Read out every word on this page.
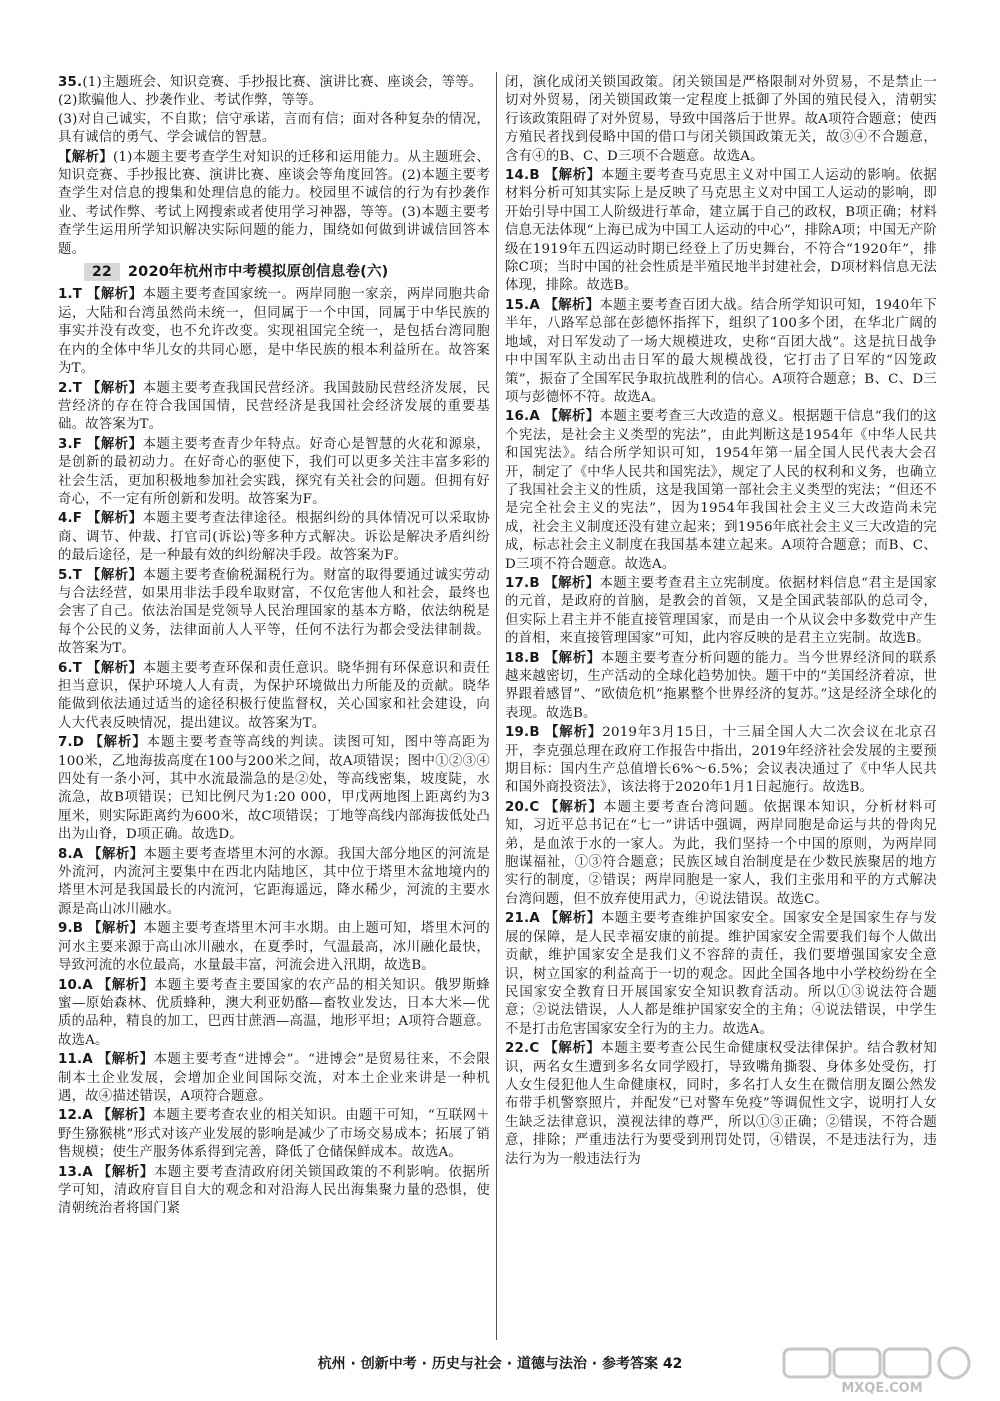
35.(1)主题班会、知识竞赛、手抄报比赛、演讲比赛、座谈会，等等。
(2)欺骗他人、抄袭作业、考试作弊，等等。
(3)对自己诚实，不自欺；信守承诺，言而有信；面对各种复杂的情况，具有诚信的勇气、学会诚信的智慧。
【解析】(1)本题主要考查学生对知识的迁移和运用能力。从主题班会、知识竞赛、手抄报比赛、演讲比赛、座谈会等角度回答。(2)本题主要考查学生对信息的搜集和处理信息的能力。校园里不诚信的行为有抄袭作业、考试作弊、考试上网搜索或者使用学习神器，等等。(3)本题主要考查学生运用所学知识解决实际问题的能力，围绕如何做到讲诚信回答本题。
22	2020年杭州市中考模拟原创信息卷(六)
1.T 【解析】本题主要考查国家统一。两岸同胞一家亲，两岸同胞共命运，大陆和台湾虽然尚未统一，但同属于一个中国，同属于中华民族的事实并没有改变，也不允许改变。实现祖国完全统一，是包括台湾同胞在内的全体中华儿女的共同心愿，是中华民族的根本利益所在。故答案为T。
2.T 【解析】本题主要考查我国民营经济。我国鼓励民营经济发展，民营经济的存在符合我国国情，民营经济是我国社会经济发展的重要基础。故答案为T。
3.F 【解析】本题主要考查青少年特点。好奇心是智慧的火花和源泉，是创新的最初动力。在好奇心的驱使下，我们可以更多关注丰富多彩的社会生活，更加积极地参加社会实践，探究有关社会的问题。但拥有好奇心，不一定有所创新和发明。故答案为F。
4.F 【解析】本题主要考查法律途径。根据纠纷的具体情况可以采取协商、调节、仲裁、打官司(诉讼)等多种方式解决。诉讼是解决矛盾纠纷的最后途径，是一种最有效的纠纷解决手段。故答案为F。
5.T 【解析】本题主要考查偷税漏税行为。财富的取得要通过诚实劳动与合法经营，如果用非法手段牟取财富，不仅危害他人和社会，最终也会害了自己。依法治国是党领导人民治理国家的基本方略，依法纳税是每个公民的义务，法律面前人人平等，任何不法行为都会受法律制裁。故答案为T。
6.T 【解析】本题主要考查环保和责任意识。晓华拥有环保意识和责任担当意识，保护环境人人有责，为保护环境做出力所能及的贡献。晓华能做到依法通过适当的途径积极行使监督权，关心国家和社会建设，向人大代表反映情况，提出建议。故答案为T。
7.D 【解析】本题主要考查等高线的判读。读图可知，图中等高距为100米，乙地海拔高度在100与200米之间，故A项错误；图中①②③④四处有一条小河，其中水流最湍急的是②处，等高线密集，坡度陡，水流急，故B项错误；已知比例尺为1:20 000，甲戊两地图上距离约为3厘米，则实际距离约为600米，故C项错误；丁地等高线内部海拔低处凸出为山脊，D项正确。故选D。
8.A 【解析】本题主要考查塔里木河的水源。我国大部分地区的河流是外流河，内流河主要集中在西北内陆地区，其中位于塔里木盆地境内的塔里木河是我国最长的内流河，它距海遥远，降水稀少，河流的主要水源是高山冰川融水。
9.B 【解析】本题主要考查塔里木河丰水期。由上题可知，塔里木河的河水主要来源于高山冰川融水，在夏季时，气温最高，冰川融化最快，导致河流的水位最高，水量最丰富，河流会进入汛期，故选B。
10.A 【解析】本题主要考查主要国家的农产品的相关知识。俄罗斯蜂蜜—原始森林、优质蜂种，澳大利亚奶酪—畜牧业发达，日本大米—优质的品种，精良的加工，巴西甘蔗酒—高温，地形平坦；A项符合题意。故选A。
11.A 【解析】本题主要考查“进博会”。“进博会”是贸易往来，不会限制本土企业发展，会增加企业间国际交流，对本土企业来讲是一种机遇，故④描述错误，A项符合题意。
12.A 【解析】本题主要考查农业的相关知识。由题干可知，“互联网＋野生猕猴桃”形式对该产业发展的影响是减少了市场交易成本；拓展了销售规模；使生产服务体系得到完善，降低了仓储保鲜成本。故选A。
13.A 【解析】本题主要考查清政府闭关锁国政策的不利影响。依据所学可知，清政府盲目自大的观念和对沿海人民出海集聚力量的恐惧，使清朝统治者将国门紧
闭，演化成闭关锁国政策。闭关锁国是严格限制对外贸易，不是禁止一切对外贸易，闭关锁国政策一定程度上抵御了外国的殖民侵入，清朝实行该政策阻碍了对外贸易，导致中国落后于世界。故A项符合题意；使西方殖民者找到侵略中国的借口与闭关锁国政策无关，故③④不合题意，含有④的B、C、D三项不合题意。故选A。
14.B 【解析】本题主要考查马克思主义对中国工人运动的影响。依据材料分析可知其实际上是反映了马克思主义对中国工人运动的影响，即开始引导中国工人阶级进行革命，建立属于自己的政权，B项正确；材料信息无法体现“上海已成为中国工人运动的中心”，排除A项；中国无产阶级在1919年五四运动时期已经登上了历史舞台，不符合“1920年”，排除C项；当时中国的社会性质是半殖民地半封建社会，D项材料信息无法体现，排除。故选B。
15.A 【解析】本题主要考查百团大战。结合所学知识可知，1940年下半年，八路军总部在彭德怀指挥下，组织了100多个团，在华北广阔的地域，对日军发动了一场大规模进攻，史称“百团大战”。这是抗日战争中中国军队主动出击日军的最大规模战役，它打击了日军的“囚笼政策”，振奋了全国军民争取抗战胜利的信心。A项符合题意；B、C、D三项与彭德怀不符。故选A。
16.A 【解析】本题主要考查三大改造的意义。根据题干信息“我们的这个宪法，是社会主义类型的宪法”，由此判断这是1954年《中华人民共和国宪法》。结合所学知识可知，1954年第一届全国人民代表大会召开，制定了《中华人民共和国宪法》，规定了人民的权利和义务，也确立了我国社会主义的性质，这是我国第一部社会主义类型的宪法；“但还不是完全社会主义的宪法”，因为1954年我国社会主义三大改造尚未完成，社会主义制度还没有建立起来；到1956年底社会主义三大改造的完成，标志社会主义制度在我国基本建立起来。A项符合题意；而B、C、D三项不符合题意。故选A。
17.B 【解析】本题主要考查君主立宪制度。依据材料信息“君主是国家的元首，是政府的首脑，是教会的首领，又是全国武装部队的总司令，但实际上君主并不能直接管理国家，而是由一个从议会中多数党中产生的首相，来直接管理国家”可知，此内容反映的是君主立宪制。故选B。
18.B 【解析】本题主要考查分析问题的能力。当今世界经济间的联系越来越密切，生产活动的全球化趋势加快。题干中的“美国经济着凉，世界跟着感冒”、“欧债危机”拖累整个世界经济的复苏。”这是经济全球化的表现。故选B。
19.B 【解析】2019年3月15日，十三届全国人大二次会议在北京召开，李克强总理在政府工作报告中指出，2019年经济社会发展的主要预期目标：国内生产总值增长6%～6.5%；会议表决通过了《中华人民共和国外商投资法》，该法将于2020年1月1日起施行。故选B。
20.C 【解析】本题主要考查台湾问题。依据课本知识，分析材料可知，习近平总书记在“七一”讲话中强调，两岸同胞是命运与共的骨肉兄弟，是血浓于水的一家人。为此，我们坚持一个中国的原则，为两岸同胞谋福祉，①③符合题意；民族区域自治制度是在少数民族聚居的地方实行的制度，②错误；两岸同胞是一家人，我们主张用和平的方式解决台湾问题，但不放弃使用武力，④说法错误。故选C。
21.A 【解析】本题主要考查维护国家安全。国家安全是国家生存与发展的保障，是人民幸福安康的前提。维护国家安全需要我们每个人做出贡献，维护国家安全是我们义不容辞的责任，我们要增强国家安全意识，树立国家的利益高于一切的观念。因此全国各地中小学校纷纷在全民国家安全教育日开展国家安全知识教育活动。所以①③说法符合题意；②说法错误，人人都是维护国家安全的主角；④说法错误，中学生不是打击危害国家安全行为的主力。故选A。
22.C 【解析】本题主要考查公民生命健康权受法律保护。结合教材知识，两名女生遭到多名女同学殴打，导致嘴角撕裂、身体多处受伤，打人女生侵犯他人生命健康权，同时，多名打人女生在微信朋友圈公然发布带手机警察照片，并配发“已对警车免疫”等调侃性文字，说明打人女生缺乏法律意识，漠视法律的尊严，所以①③正确；②错误，不符合题意，排除；严重违法行为要受到刑罚处罚，④错误，不是违法行为，违法行为为一般违法行为
杭州 · 创新中考 · 历史与社会 · 道德与法治 · 参考答案 42
MXQE.COM
